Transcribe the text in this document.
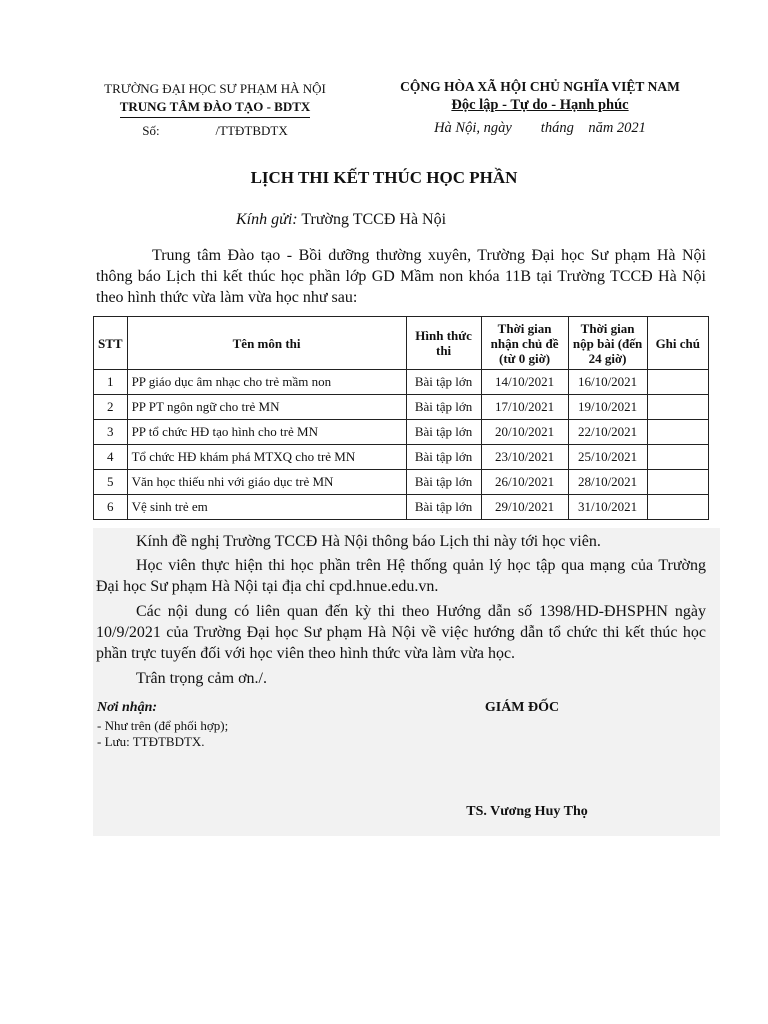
TRƯỜNG ĐẠI HỌC SƯ PHẠM HÀ NỘI
TRUNG TÂM ĐÀO TẠO - BDTX
Số:	/TTĐTBDTX
CỘNG HÒA XÃ HỘI CHỦ NGHĨA VIỆT NAM
Độc lập - Tự do - Hạnh phúc
Hà Nội, ngày        tháng    năm 2021
LỊCH THI KẾT THÚC HỌC PHẦN
Kính gửi: Trường TCCĐ Hà Nội
Trung tâm Đào tạo - Bồi dưỡng thường xuyên, Trường Đại học Sư phạm Hà Nội thông báo Lịch thi kết thúc học phần lớp GD Mầm non khóa 11B tại Trường TCCĐ Hà Nội theo hình thức vừa làm vừa học như sau:
STT	Tên môn thi	Hình thức thi	Thời gian nhận chủ đề (từ 0 giờ)	Thời gian nộp bài (đến 24 giờ)	Ghi chú
1	PP giáo dục âm nhạc cho trẻ mầm non	Bài tập lớn	14/10/2021	16/10/2021	
2	PP PT ngôn ngữ cho trẻ MN	Bài tập lớn	17/10/2021	19/10/2021	
3	PP tổ chức HĐ tạo hình cho trẻ MN	Bài tập lớn	20/10/2021	22/10/2021	
4	Tổ chức HĐ khám phá MTXQ cho trẻ MN	Bài tập lớn	23/10/2021	25/10/2021	
5	Văn học thiếu nhi với giáo dục trẻ MN	Bài tập lớn	26/10/2021	28/10/2021	
6	Vệ sinh trẻ em	Bài tập lớn	29/10/2021	31/10/2021	
Kính đề nghị Trường TCCĐ Hà Nội thông báo Lịch thi này tới học viên.
Học viên thực hiện thi học phần trên Hệ thống quản lý học tập qua mạng của Trường Đại học Sư phạm Hà Nội tại địa chỉ cpd.hnue.edu.vn.
Các nội dung có liên quan đến kỳ thi theo Hướng dẫn số 1398/HD-ĐHSPHN ngày 10/9/2021 của Trường Đại học Sư phạm Hà Nội về việc hướng dẫn tổ chức thi kết thúc học phần trực tuyến đối với học viên theo hình thức vừa làm vừa học.
Trân trọng cảm ơn./.
Nơi nhận:
- Như trên (để phối hợp);
- Lưu: TTĐTBDTX.
GIÁM ĐỐC
TS. Vương Huy Thọ
